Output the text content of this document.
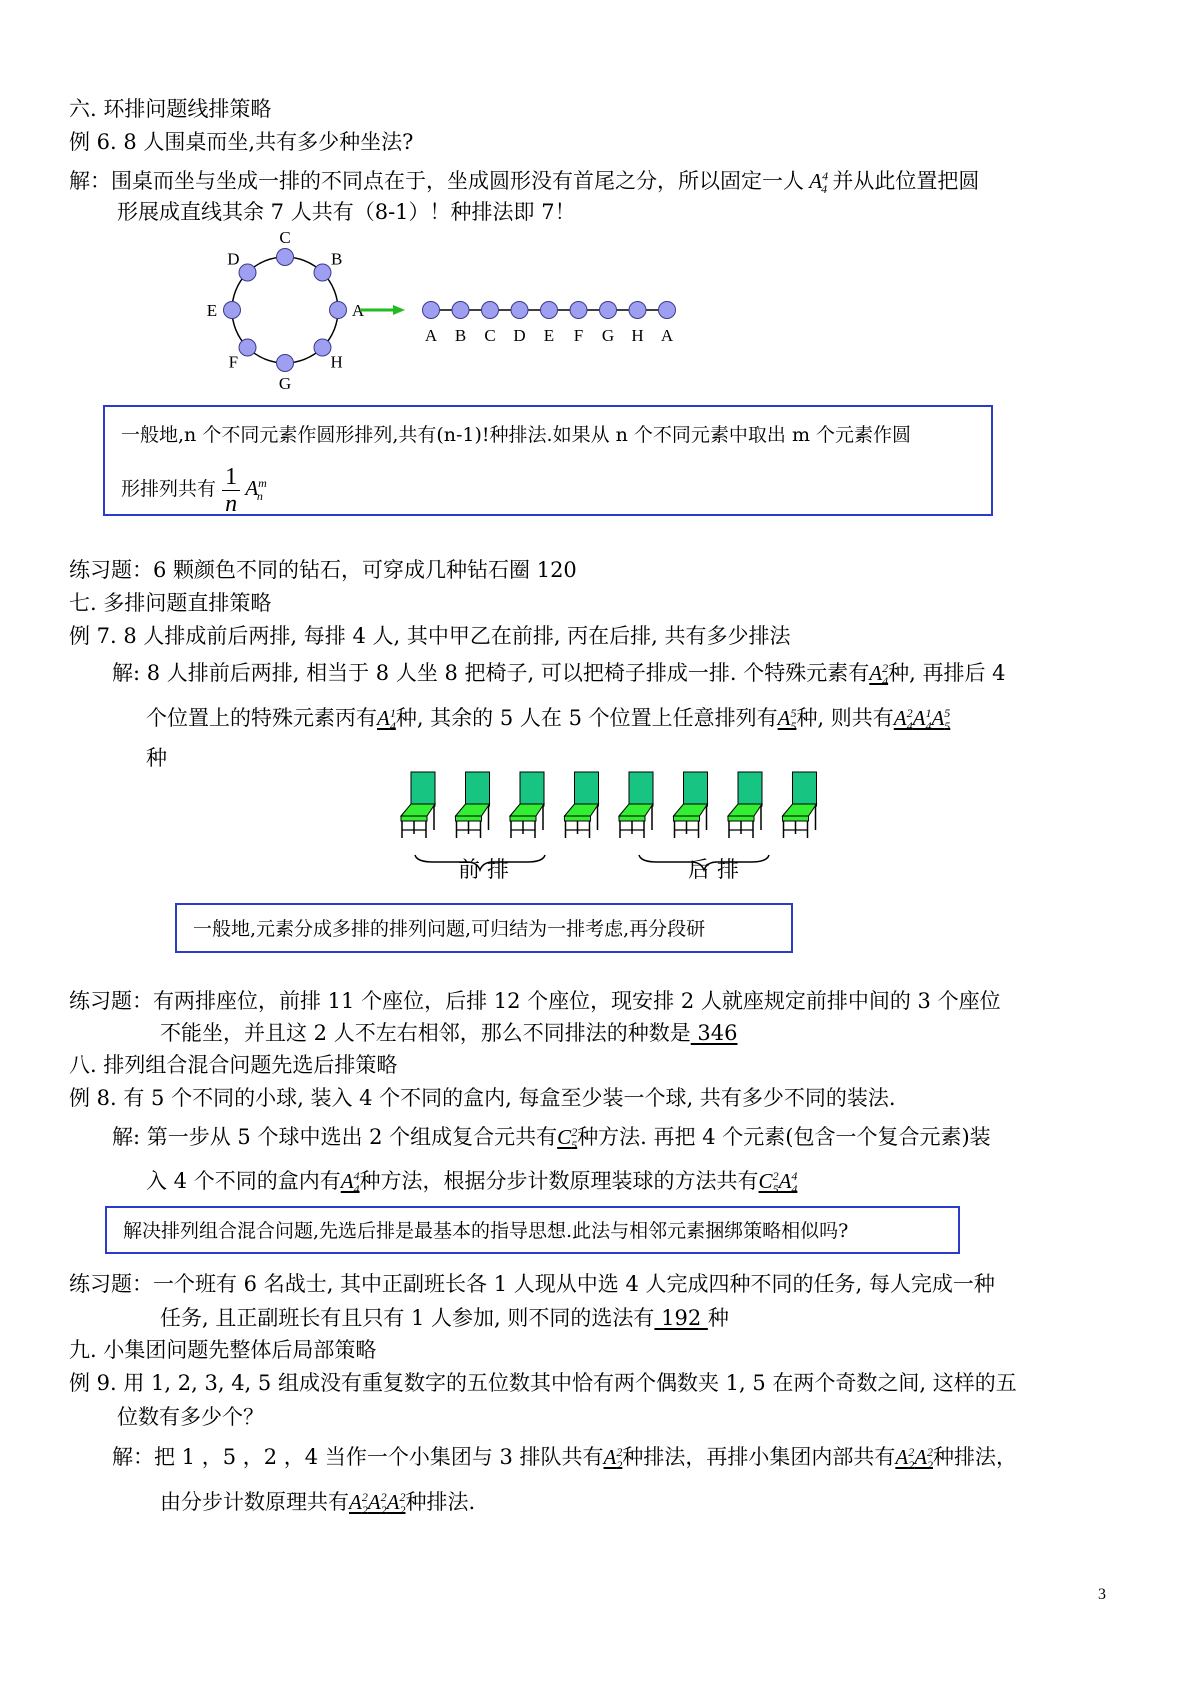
六. 环排问题线排策略
例 6. 8 人围桌而坐,共有多少种坐法?
解：围桌而坐与坐成一排的不同点在于，坐成圆形没有首尾之分，所以固定一人 $A^4_4$ 并从此位置把圆
形展成直线其余 7 人共有（8-1）！种排法即 7！
A
B
C
D
E
F
G
H
A B C D E F G H A
一般地,n 个不同元素作圆形排列,共有(n-1)!种排法.如果从 n 个不同元素中取出 m 个元素作圆
形排列共有 $\frac{1}{n} A^m_n$
练习题：6 颗颜色不同的钻石，可穿成几种钻石圈 120
七. 多排问题直排策略
例 7. 8 人排成前后两排, 每排 4 人, 其中甲乙在前排, 丙在后排, 共有多少排法
解: 8 人排前后两排, 相当于 8 人坐 8 把椅子, 可以把椅子排成一排. 个特殊元素有$A^2_4$种, 再排后 4
个位置上的特殊元素丙有$A^1_4$种, 其余的 5 人在 5 个位置上任意排列有$A^5_5$种, 则共有$A^2_4A^1_4A^5_5$
种
前 排	后 排
一般地,元素分成多排的排列问题,可归结为一排考虑,再分段研
练习题：有两排座位，前排 11 个座位，后排 12 个座位，现安排 2 人就座规定前排中间的 3 个座位
不能坐，并且这 2 人不左右相邻，那么不同排法的种数是 346
八. 排列组合混合问题先选后排策略
例 8. 有 5 个不同的小球, 装入 4 个不同的盒内, 每盒至少装一个球, 共有多少不同的装法.
解: 第一步从 5 个球中选出 2 个组成复合元共有$C^2_5$种方法. 再把 4 个元素(包含一个复合元素)装
入 4 个不同的盒内有$A^4_4$种方法，根据分步计数原理装球的方法共有$C^2_5A^4_4$
解决排列组合混合问题,先选后排是最基本的指导思想.此法与相邻元素捆绑策略相似吗?
练习题：一个班有 6 名战士, 其中正副班长各 1 人现从中选 4 人完成四种不同的任务, 每人完成一种
任务, 且正副班长有且只有 1 人参加, 则不同的选法有 192 种
九. 小集团问题先整体后局部策略
例 9. 用 1, 2, 3, 4, 5 组成没有重复数字的五位数其中恰有两个偶数夹 1, 5 在两个奇数之间, 这样的五
位数有多少个？
解：把 1 ，5 ，2 ，4 当作一个小集团与 3 排队共有$A^2_2$种排法，再排小集团内部共有$A^2_2A^2_2$种排法，
由分步计数原理共有$A^2_2A^2_2A^2_2$种排法.
3
